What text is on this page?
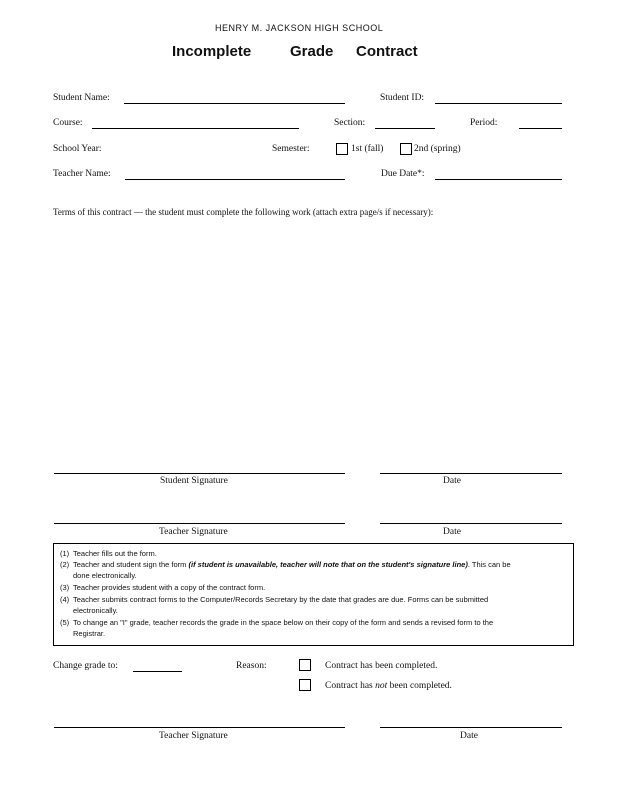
HENRY M. JACKSON HIGH SCHOOL
Incomplete	Grade Contract
Student Name:	Student ID:
Course:	Section:	Period:
School Year:	Semester:	1st (fall)	2nd (spring)
Teacher Name:	Due Date*:
Terms of this contract — the student must complete the following work (attach extra page/s if necessary):
Student Signature	Date
Teacher Signature	Date
(1) Teacher fills out the form.
(2) Teacher and student sign the form (if student is unavailable, teacher will note that on the student's signature line). This can be
done electronically.
(3) Teacher provides student with a copy of the contract form.
(4) Teacher submits contract forms to the Computer/Records Secretary by the date that grades are due. Forms can be submitted
electronically.
(5) To change an "I" grade, teacher records the grade in the space below on their copy of the form and sends a revised form to the
Registrar.
Change grade to:	Reason:	Contract has been completed.
Contract has not been completed.
Teacher Signature	Date
